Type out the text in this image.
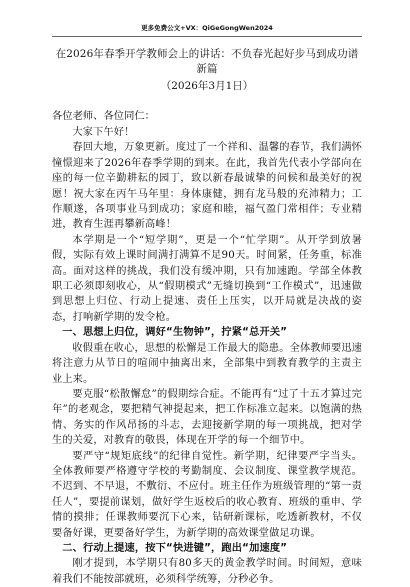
更多免费公文+VX：QiGeGongWen2024
在2026年春季开学教师会上的讲话：不负春光起好步马到成功谱新篇
（2026年3月1日）
各位老师、各位同仁：

大家下午好！

春回大地，万象更新。度过了一个祥和、温馨的春节，我们满怀憧憬迎来了2026年春季学期的到来。在此，我首先代表小学部向在座的每一位辛勤耕耘的园丁，致以新春最诚挚的问候和最美好的祝愿！祝大家在丙午马年里：身体康健，拥有龙马般的充沛精力；工作顺遂，各项事业马到成功；家庭和睦，福气盈门常相伴；专业精进，教育生涯再攀新高峰！

本学期是一个“短学期”，更是一个“忙学期”。从开学到放暑假，实际有效上课时间满打满算不足90天。时间紧，任务重，标准高。面对这样的挑战，我们没有缓冲期，只有加速跑。学部全体教职工必须即刻收心，从“假期模式”无缝切换到“工作模式”，迅速做到思想上归位、行动上提速、责任上压实，以开局就是决战的姿态，打响新学期的发令枪。

一、思想上归位，调好“生物钟”，拧紧“总开关”

收假重在收心，思想的松懈是工作最大的隐患。全体教师要迅速将注意力从节日的喧闹中抽离出来，全部集中到教育教学的主责主业上来。

要克服“松散懈怠”的假期综合症。不能再有“过了十五才算过完年”的老观念，要把精气神提起来，把工作标准立起来。以饱满的热情、务实的作风昂扬的斗志，去迎接新学期的每一项挑战，把对学生的关爱，对教育的敬畏，体现在开学的每一个细节中。

要严守“规矩底线”的纪律自觉性。新学期，纪律要严字当头。全体教师要严格遵守学校的考勤制度、会议制度、课堂教学规范。不迟到、不早退，不敷衍、不应付。班主任作为班级管理的“第一责任人”，要提前谋划，做好学生返校后的收心教育、班级的重申、学情的摸排；任课教师要沉下心来，钻研新课标，吃透新教材，不仅要备好课，更要备好学生，为新学期的高效课堂做足功课。

二、行动上提速，按下“快进键”，跑出“加速度”

刚才提到，本学期只有80多天的黄金教学时间。时间短，意味着我们不能按部就班，必须科学统筹，分秒必争。
